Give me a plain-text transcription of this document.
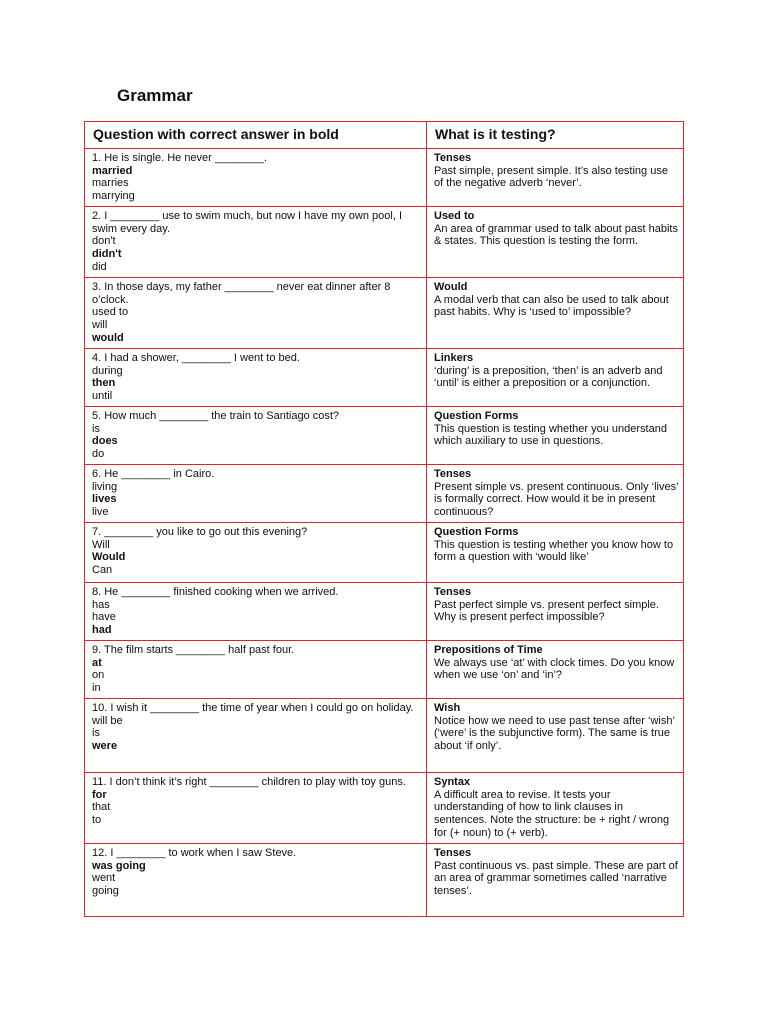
Grammar
Question with correct answer in bold	What is it testing?

1. He is single. He never ________.
married
marries
marrying	Tenses
Past simple, present simple. It’s also testing use of the negative adverb ‘never’.

2. I ________ use to swim much, but now I have my own pool, I swim every day.
don't
didn't
did	Used to
An area of grammar used to talk about past habits & states. This question is testing the form.

3. In those days, my father ________ never eat dinner after 8 o’clock.
used to
will
would	Would
A modal verb that can also be used to talk about past habits. Why is ‘used to’ impossible?

4. I had a shower, ________ I went to bed.
during
then
until	Linkers
‘during’ is a preposition, ‘then’ is an adverb and ‘until’ is either a preposition or a conjunction.

5. How much ________ the train to Santiago cost?
is
does
do	Question Forms
This question is testing whether you understand which auxiliary to use in questions.

6. He ________ in Cairo.
living
lives
live	Tenses
Present simple vs. present continuous. Only ‘lives’ is formally correct. How would it be in present continuous?

7. ________ you like to go out this evening?
Will
Would
Can	Question Forms
This question is testing whether you know how to form a question with ‘would like’

8. He ________ finished cooking when we arrived.
has
have
had	Tenses
Past perfect simple vs. present perfect simple. Why is present perfect impossible?

9. The film starts ________ half past four.
at
on
in	Prepositions of Time
We always use ‘at’ with clock times. Do you know when we use ‘on’ and ‘in’?

10. I wish it ________ the time of year when I could go on holiday.
will be
is
were	Wish
Notice how we need to use past tense after ‘wish’ (‘were’ is the subjunctive form). The same is true about ‘if only’.

11. I don’t think it’s right ________ children to play with toy guns.
for
that
to	Syntax
A difficult area to revise. It tests your understanding of how to link clauses in sentences. Note the structure: be + right / wrong for (+ noun) to (+ verb).

12. I ________ to work when I saw Steve.
was going
went
going	Tenses
Past continuous vs. past simple. These are part of an area of grammar sometimes called ‘narrative tenses’.
